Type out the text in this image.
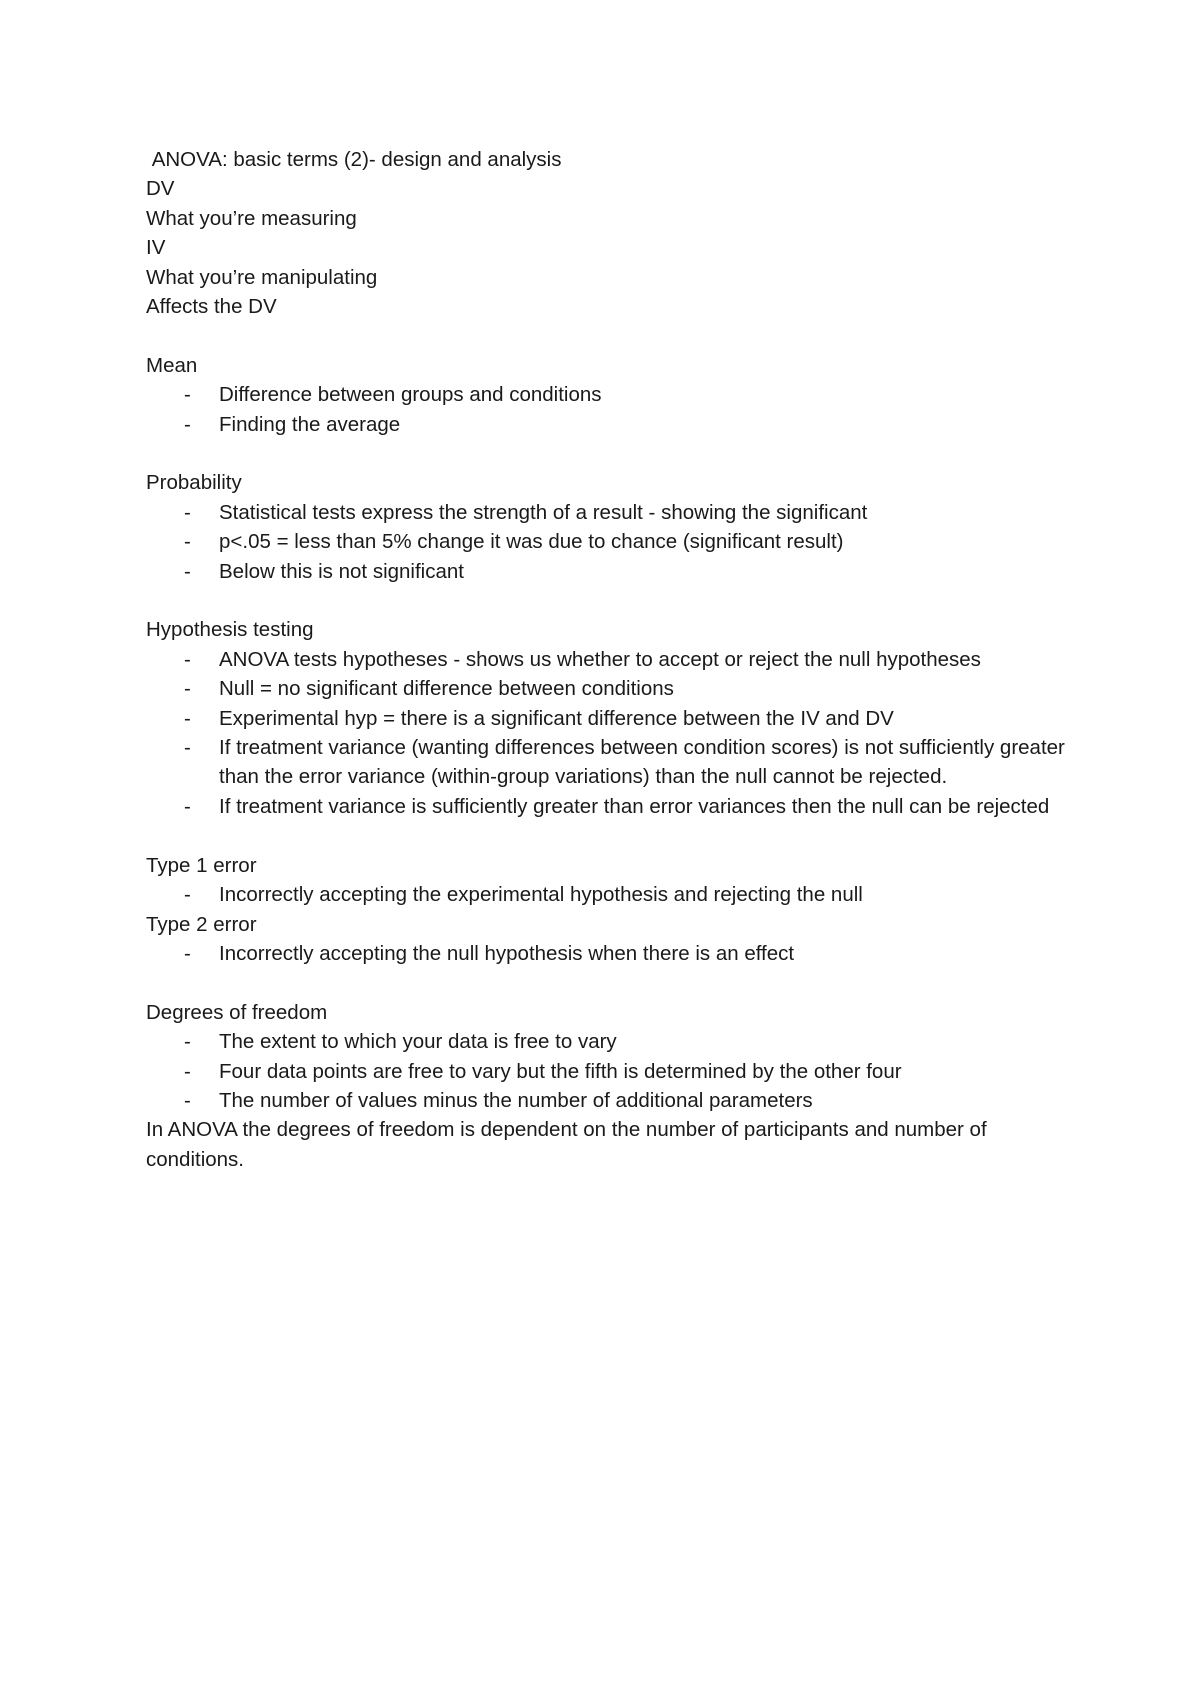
ANOVA: basic terms (2)- design and analysis
DV
What you’re measuring
IV
What you’re manipulating
Affects the DV
Mean
- Difference between groups and conditions
- Finding the average
Probability
- Statistical tests express the strength of a result - showing the significant
- p<.05 = less than 5% change it was due to chance (significant result)
- Below this is not significant
Hypothesis testing
- ANOVA tests hypotheses - shows us whether to accept or reject the null hypotheses
- Null = no significant difference between conditions
- Experimental hyp = there is a significant difference between the IV and DV
- If treatment variance (wanting differences between condition scores) is not sufficiently greater than the error variance (within-group variations) than the null cannot be rejected.
- If treatment variance is sufficiently greater than error variances then the null can be rejected
Type 1 error
- Incorrectly accepting the experimental hypothesis and rejecting the null
Type 2 error
- Incorrectly accepting the null hypothesis when there is an effect
Degrees of freedom
- The extent to which your data is free to vary
- Four data points are free to vary but the fifth is determined by the other four
- The number of values minus the number of additional parameters
In ANOVA the degrees of freedom is dependent on the number of participants and number of conditions.
